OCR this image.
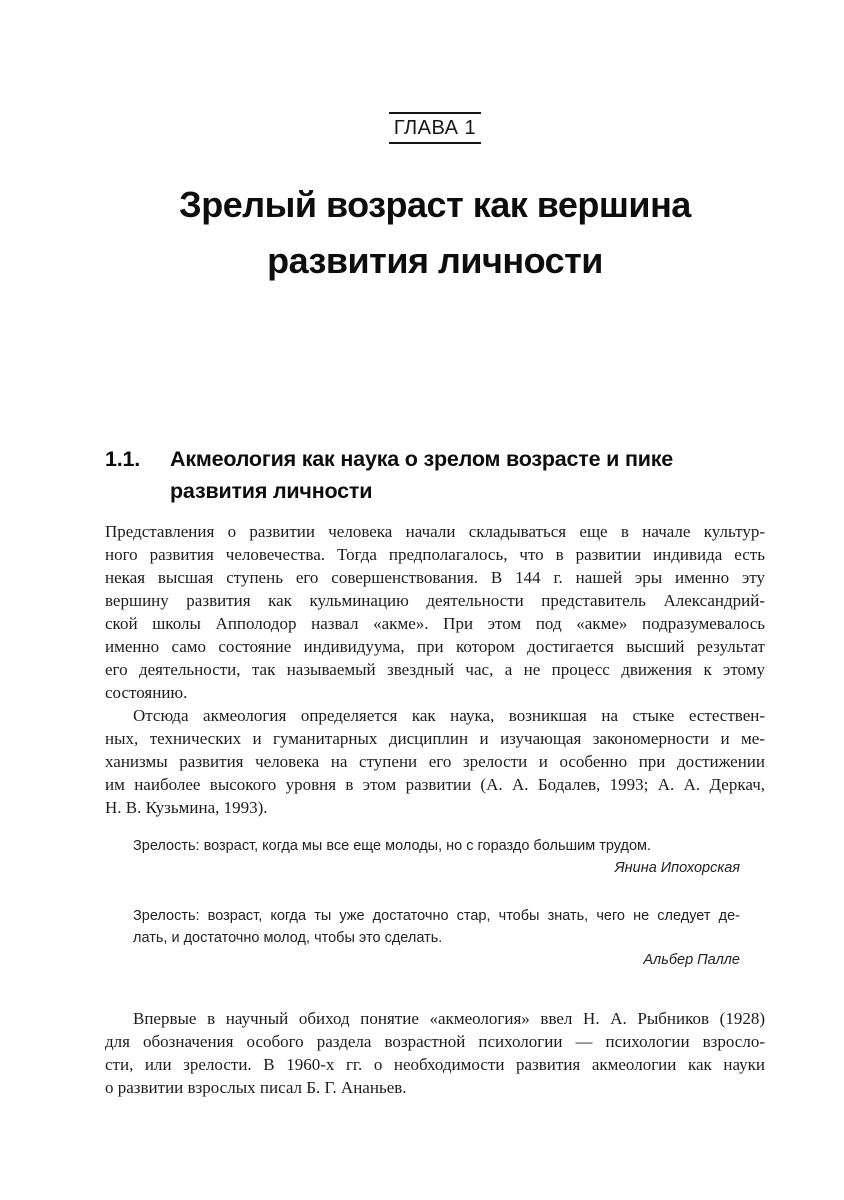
ГЛАВА 1
Зрелый возраст как вершина
развития личности
1.1.	Акмеология как наука о зрелом возрасте и пике
развития личности
Представления о развитии человека начали складываться еще в начале культур-
ного развития человечества. Тогда предполагалось, что в развитии индивида есть
некая высшая ступень его совершенствования. В 144 г. нашей эры именно эту
вершину развития как кульминацию деятельности представитель Александрий-
ской школы Апполодор назвал «акме». При этом под «акме» подразумевалось
именно само состояние индивидуума, при котором достигается высший результат
его деятельности, так называемый звездный час, а не процесс движения к этому
состоянию.
Отсюда акмеология определяется как наука, возникшая на стыке естествен-
ных, технических и гуманитарных дисциплин и изучающая закономерности и ме-
ханизмы развития человека на ступени его зрелости и особенно при достижении
им наиболее высокого уровня в этом развитии (А. А. Бодалев, 1993; А. А. Деркач,
Н. В. Кузьмина, 1993).
Зрелость: возраст, когда мы все еще молоды, но с гораздо большим трудом.
Янина Ипохорская
Зрелость: возраст, когда ты уже достаточно стар, чтобы знать, чего не следует де-
лать, и достаточно молод, чтобы это сделать.
Альбер Палле
Впервые в научный обиход понятие «акмеология» ввел Н. А. Рыбников (1928)
для обозначения особого раздела возрастной психологии — психологии взросло-
сти, или зрелости. В 1960-х гг. о необходимости развития акмеологии как науки
о развитии взрослых писал Б. Г. Ананьев.
